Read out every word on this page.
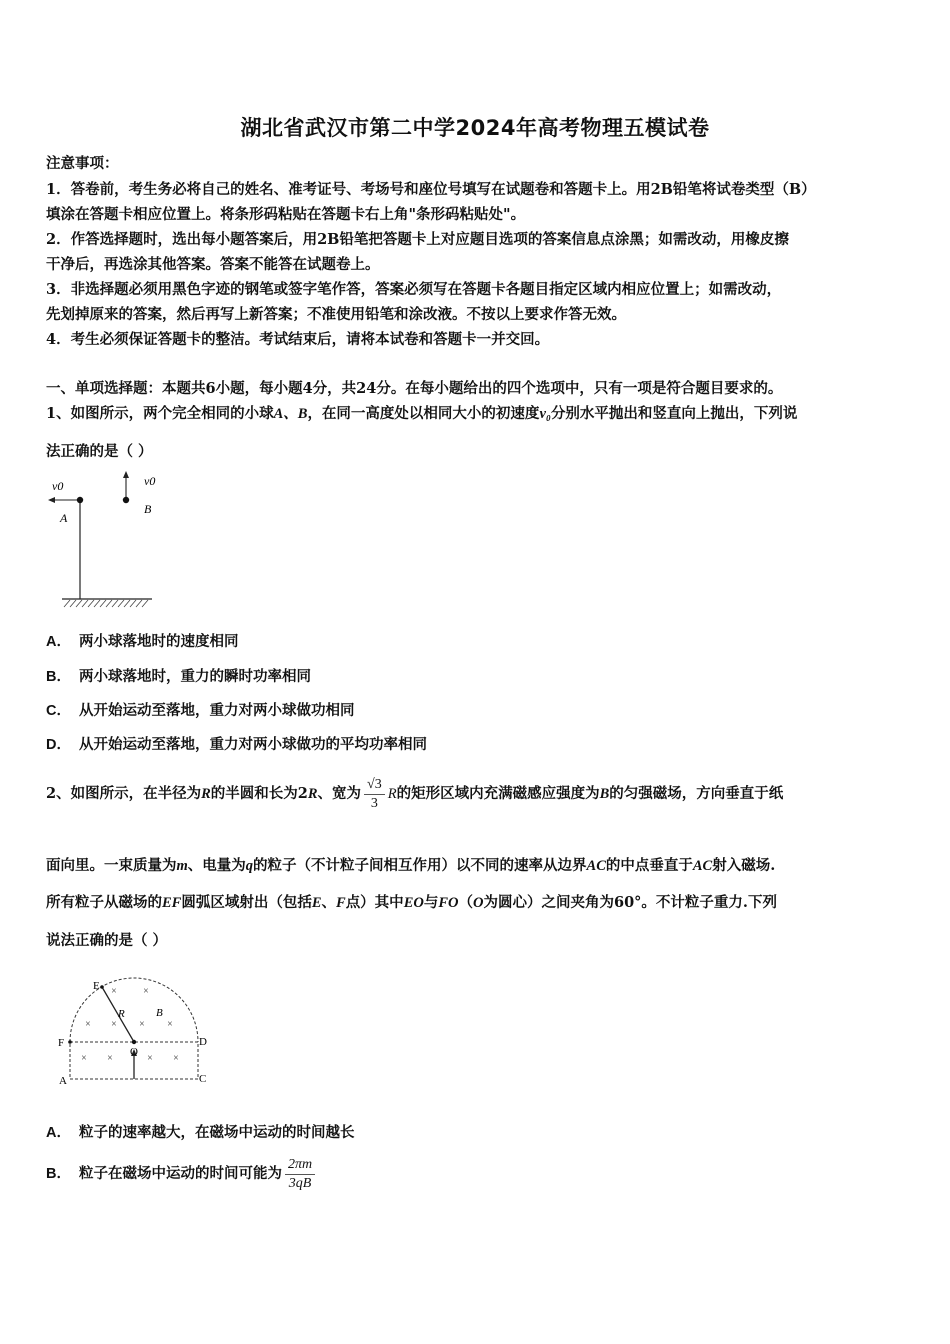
湖北省武汉市第二中学2024年高考物理五模试卷
注意事项：
1．答卷前，考生务必将自己的姓名、准考证号、考场号和座位号填写在试题卷和答题卡上。用2B铅笔将试卷类型（B）
填涂在答题卡相应位置上。将条形码粘贴在答题卡右上角"条形码粘贴处"。
2．作答选择题时，选出每小题答案后，用2B铅笔把答题卡上对应题目选项的答案信息点涂黑；如需改动，用橡皮擦
干净后，再选涂其他答案。答案不能答在试题卷上。
3．非选择题必须用黑色字迹的钢笔或签字笔作答，答案必须写在答题卡各题目指定区域内相应位置上；如需改动，
先划掉原来的答案，然后再写上新答案；不准使用铅笔和涂改液。不按以上要求作答无效。
4．考生必须保证答题卡的整洁。考试结束后，请将本试卷和答题卡一并交回。
一、单项选择题：本题共6小题，每小题4分，共24分。在每小题给出的四个选项中，只有一项是符合题目要求的。
1、如图所示，两个完全相同的小球A、B，在同一高度处以相同大小的初速度v₀分别水平抛出和竖直向上抛出，下列说
法正确的是（ ）
v0
A
v0
B
A． 两小球落地时的速度相同
B． 两小球落地时，重力的瞬时功率相同
C． 从开始运动至落地，重力对两小球做功相同
D． 从开始运动至落地，重力对两小球做功的平均功率相同
2、如图所示，在半径为R的半圆和长为2R、宽为 $\frac{√3}{3}$ R的矩形区域内充满磁感应强度为B的匀强磁场，方向垂直于纸
面向里。一束质量为m、电量为q的粒子（不计粒子间相互作用）以不同的速率从边界AC的中点垂直于AC射入磁场.
所有粒子从磁场的EF圆弧区域射出（包括E、F点）其中EO与FO（O为圆心）之间夹角为60°。不计粒子重力.下列
说法正确的是（ ）
×	×
× × × ×
× ×	× ×
E
F	D
A	C
O
R	B
A． 粒子的速率越大，在磁场中运动的时间越长
B． 粒子在磁场中运动的时间可能为 $\frac{2\pi m}{3qB}$
